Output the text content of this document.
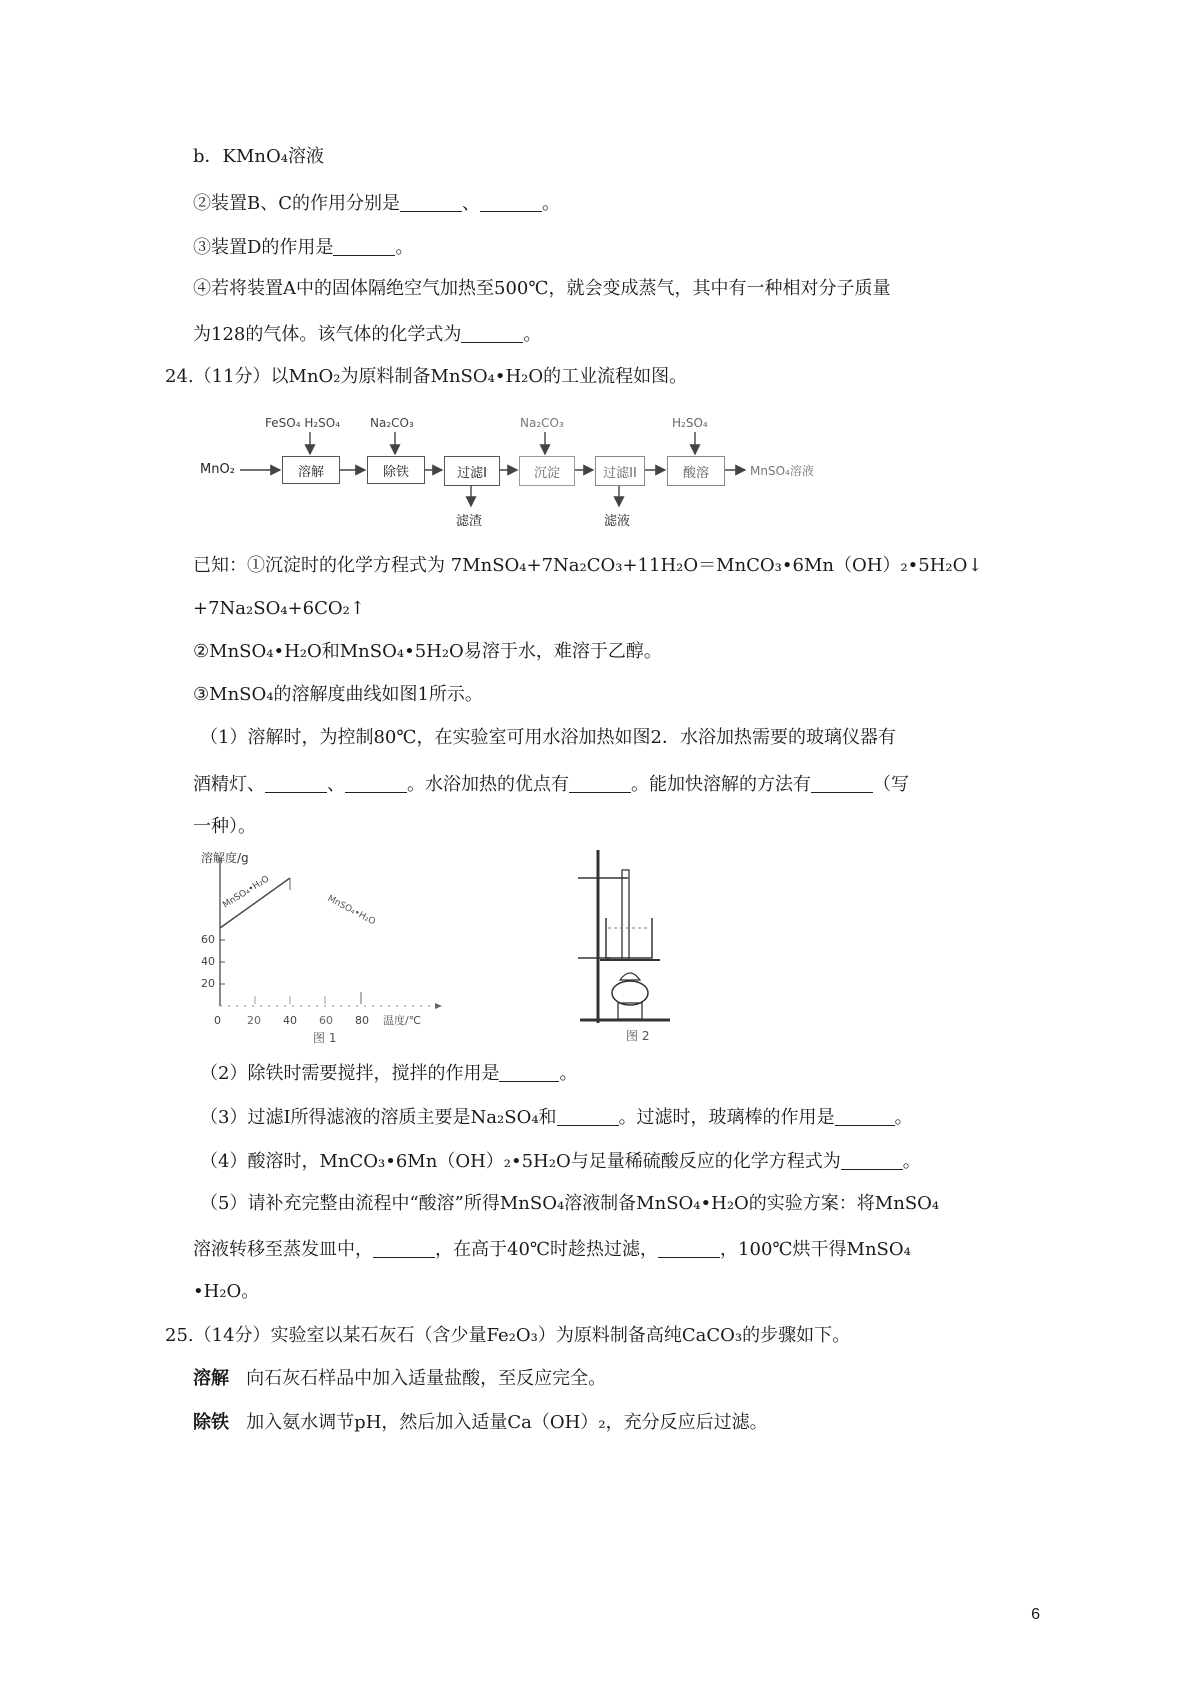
b．KMnO₄溶液
②装置B、C的作用分别是	、	。
③装置D的作用是	。
④若将装置A中的固体隔绝空气加热至500℃，就会变成蒸气，其中有一种相对分子质量
为128的气体。该气体的化学式为	。
24.（11分）以MnO₂为原料制备MnSO₄•H₂O的工业流程如图。
MnO₂
FeSO₄ H₂SO₄ Na₂CO₃	Na₂CO₃	H₂SO₄
溶解	除铁	过滤I	沉淀	过滤II	酸溶	MnSO₄溶液
滤渣	滤液
已知：①沉淀时的化学方程式为 7MnSO₄+7Na₂CO₃+11H₂O＝MnCO₃•6Mn（OH）₂•5H₂O↓
+7Na₂SO₄+6CO₂↑
②MnSO₄•H₂O和MnSO₄•5H₂O易溶于水，难溶于乙醇。
③MnSO₄的溶解度曲线如图1所示。
（1）溶解时，为控制80℃，在实验室可用水浴加热如图2．水浴加热需要的玻璃仪器有
酒精灯、	、	。水浴加热的优点有	。能加快溶解的方法有	（写
一种）。
溶解度/g
20
40
60
0 20 40 60 80 温度/℃
MnSO₄•H₂O
MnSO₄•H₂O
图 1	图 2
（2）除铁时需要搅拌，搅拌的作用是	。
（3）过滤I所得滤液的溶质主要是Na₂SO₄和	。过滤时，玻璃棒的作用是	。
（4）酸溶时，MnCO₃•6Mn（OH）₂•5H₂O与足量稀硫酸反应的化学方程式为	。
（5）请补充完整由流程中“酸溶”所得MnSO₄溶液制备MnSO₄•H₂O的实验方案：将MnSO₄
溶液转移至蒸发皿中，	，在高于40℃时趁热过滤，	，100℃烘干得MnSO₄
•H₂O。
25.（14分）实验室以某石灰石（含少量Fe₂O₃）为原料制备高纯CaCO₃的步骤如下。
溶解 向石灰石样品中加入适量盐酸，至反应完全。
除铁 加入氨水调节pH，然后加入适量Ca（OH）₂，充分反应后过滤。
6
